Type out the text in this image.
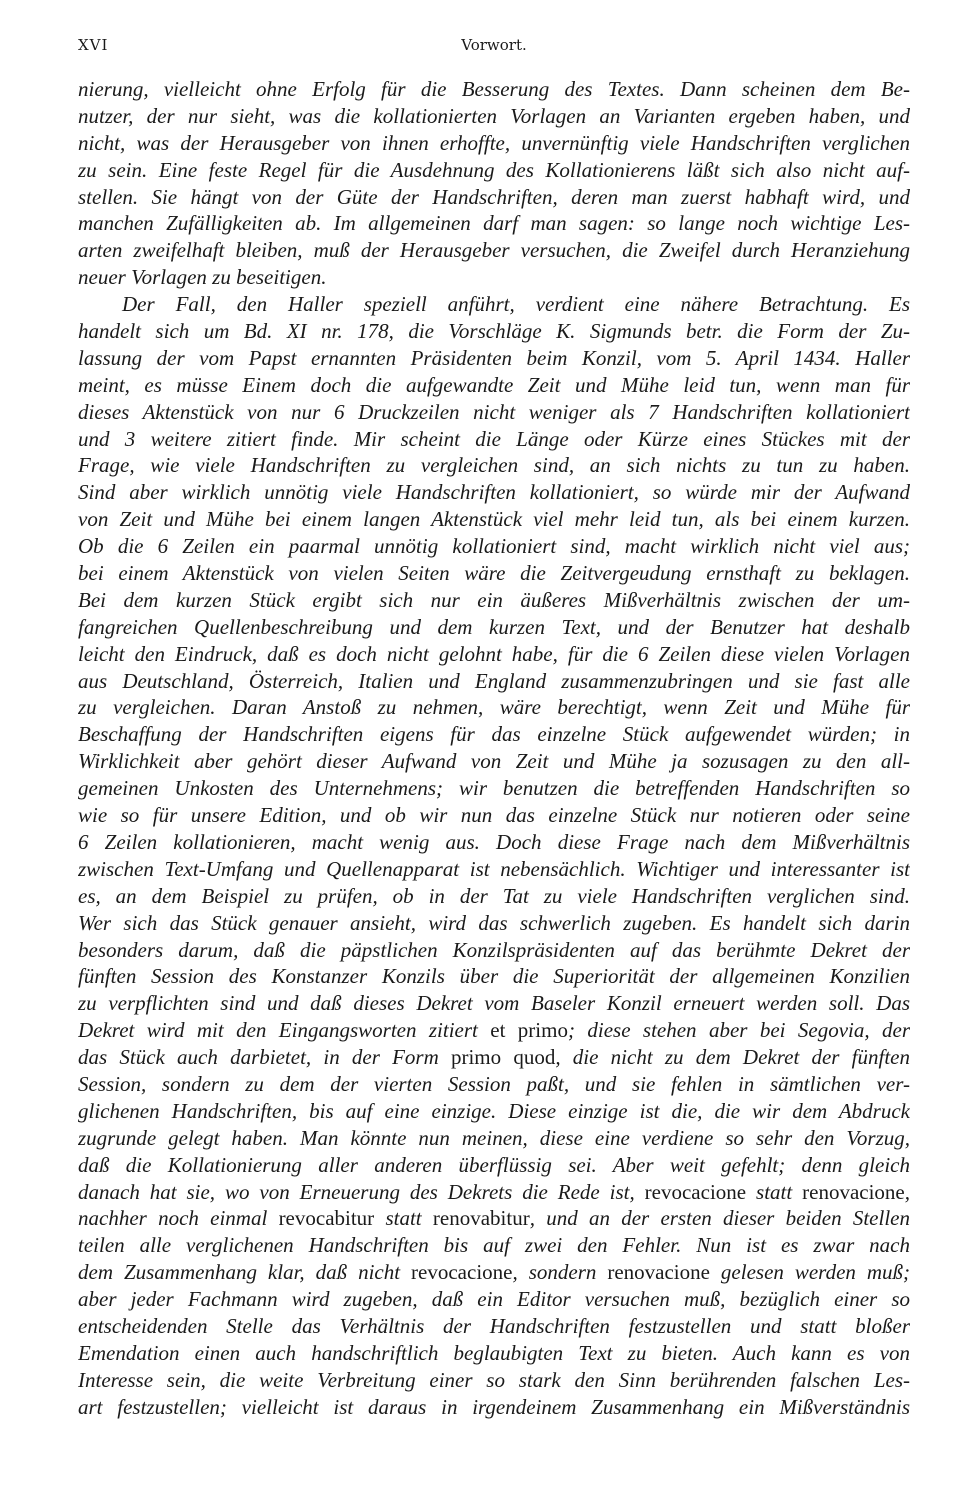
XVI	Vorwort.
nierung, vielleicht ohne Erfolg für die Besserung des Textes. Dann scheinen dem Be-
nutzer, der nur sieht, was die kollationierten Vorlagen an Varianten ergeben haben, und
nicht, was der Herausgeber von ihnen erhoffte, unvernünftig viele Handschriften verglichen
zu sein. Eine feste Regel für die Ausdehnung des Kollationierens läßt sich also nicht auf-
stellen. Sie hängt von der Güte der Handschriften, deren man zuerst habhaft wird, und
manchen Zufälligkeiten ab. Im allgemeinen darf man sagen: so lange noch wichtige Les-
arten zweifelhaft bleiben, muß der Herausgeber versuchen, die Zweifel durch Heranziehung
neuer Vorlagen zu beseitigen.
Der Fall, den Haller speziell anführt, verdient eine nähere Betrachtung. Es
handelt sich um Bd. XI nr. 178, die Vorschläge K. Sigmunds betr. die Form der Zu-
lassung der vom Papst ernannten Präsidenten beim Konzil, vom 5. April 1434. Haller
meint, es müsse Einem doch die aufgewandte Zeit und Mühe leid tun, wenn man für
dieses Aktenstück von nur 6 Druckzeilen nicht weniger als 7 Handschriften kollationiert
und 3 weitere zitiert finde. Mir scheint die Länge oder Kürze eines Stückes mit der
Frage, wie viele Handschriften zu vergleichen sind, an sich nichts zu tun zu haben.
Sind aber wirklich unnötig viele Handschriften kollationiert, so würde mir der Aufwand
von Zeit und Mühe bei einem langen Aktenstück viel mehr leid tun, als bei einem kurzen.
Ob die 6 Zeilen ein paarmal unnötig kollationiert sind, macht wirklich nicht viel aus;
bei einem Aktenstück von vielen Seiten wäre die Zeitvergeudung ernsthaft zu beklagen.
Bei dem kurzen Stück ergibt sich nur ein äußeres Mißverhältnis zwischen der um-
fangreichen Quellenbeschreibung und dem kurzen Text, und der Benutzer hat deshalb
leicht den Eindruck, daß es doch nicht gelohnt habe, für die 6 Zeilen diese vielen Vorlagen
aus Deutschland, Österreich, Italien und England zusammenzubringen und sie fast alle
zu vergleichen. Daran Anstoß zu nehmen, wäre berechtigt, wenn Zeit und Mühe für
Beschaffung der Handschriften eigens für das einzelne Stück aufgewendet würden; in
Wirklichkeit aber gehört dieser Aufwand von Zeit und Mühe ja sozusagen zu den all-
gemeinen Unkosten des Unternehmens; wir benutzen die betreffenden Handschriften so
wie so für unsere Edition, und ob wir nun das einzelne Stück nur notieren oder seine
6 Zeilen kollationieren, macht wenig aus. Doch diese Frage nach dem Mißverhältnis
zwischen Text-Umfang und Quellenapparat ist nebensächlich. Wichtiger und interessanter ist
es, an dem Beispiel zu prüfen, ob in der Tat zu viele Handschriften verglichen sind.
Wer sich das Stück genauer ansieht, wird das schwerlich zugeben. Es handelt sich darin
besonders darum, daß die päpstlichen Konzilspräsidenten auf das berühmte Dekret der
fünften Session des Konstanzer Konzils über die Superiorität der allgemeinen Konzilien
zu verpflichten sind und daß dieses Dekret vom Baseler Konzil erneuert werden soll. Das
Dekret wird mit den Eingangsworten zitiert et primo; diese stehen aber bei Segovia, der
das Stück auch darbietet, in der Form primo quod, die nicht zu dem Dekret der fünften
Session, sondern zu dem der vierten Session paßt, und sie fehlen in sämtlichen ver-
glichenen Handschriften, bis auf eine einzige. Diese einzige ist die, die wir dem Abdruck
zugrunde gelegt haben. Man könnte nun meinen, diese eine verdiene so sehr den Vorzug,
daß die Kollationierung aller anderen überflüssig sei. Aber weit gefehlt; denn gleich
danach hat sie, wo von Erneuerung des Dekrets die Rede ist, revocacione statt renovacione,
nachher noch einmal revocabitur statt renovabitur, und an der ersten dieser beiden Stellen
teilen alle verglichenen Handschriften bis auf zwei den Fehler. Nun ist es zwar nach
dem Zusammenhang klar, daß nicht revocacione, sondern renovacione gelesen werden muß;
aber jeder Fachmann wird zugeben, daß ein Editor versuchen muß, bezüglich einer so
entscheidenden Stelle das Verhältnis der Handschriften festzustellen und statt bloßer
Emendation einen auch handschriftlich beglaubigten Text zu bieten. Auch kann es von
Interesse sein, die weite Verbreitung einer so stark den Sinn berührenden falschen Les-
art festzustellen; vielleicht ist daraus in irgendeinem Zusammenhang ein Mißverständnis
